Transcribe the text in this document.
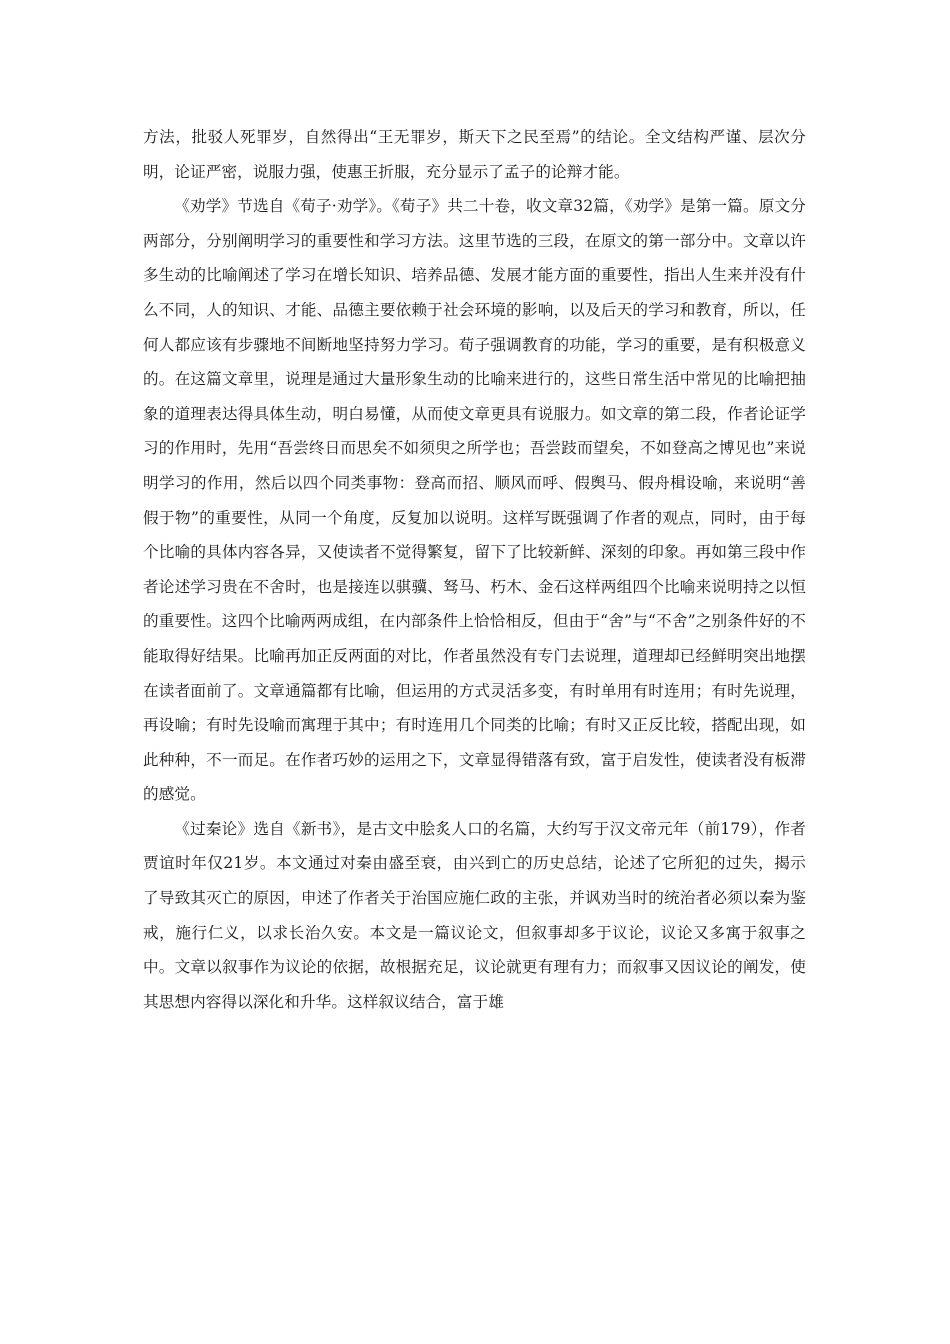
方法，批驳人死罪岁，自然得出“王无罪岁，斯天下之民至焉”的结论。全文结构严谨、层次分明，论证严密，说服力强，使惠王折服，充分显示了孟子的论辩才能。

《劝学》节选自《荀子·劝学》。《荀子》共二十卷，收文章32篇，《劝学》是第一篇。原文分两部分，分别阐明学习的重要性和学习方法。这里节选的三段，在原文的第一部分中。文章以许多生动的比喻阐述了学习在增长知识、培养品德、发展才能方面的重要性，指出人生来并没有什么不同，人的知识、才能、品德主要依赖于社会环境的影响，以及后天的学习和教育，所以，任何人都应该有步骤地不间断地坚持努力学习。荀子强调教育的功能，学习的重要，是有积极意义的。在这篇文章里，说理是通过大量形象生动的比喻来进行的，这些日常生活中常见的比喻把抽象的道理表达得具体生动，明白易懂，从而使文章更具有说服力。如文章的第二段，作者论证学习的作用时，先用“吾尝终日而思矣不如须臾之所学也；吾尝跂而望矣，不如登高之博见也”来说明学习的作用，然后以四个同类事物：登高而招、顺风而呼、假舆马、假舟楫设喻，来说明“善假于物”的重要性，从同一个角度，反复加以说明。这样写既强调了作者的观点，同时，由于每个比喻的具体内容各异，又使读者不觉得繁复，留下了比较新鲜、深刻的印象。再如第三段中作者论述学习贵在不舍时，也是接连以骐骥、驽马、朽木、金石这样两组四个比喻来说明持之以恒的重要性。这四个比喻两两成组，在内部条件上恰恰相反，但由于“舍”与“不舍”之别条件好的不能取得好结果。比喻再加正反两面的对比，作者虽然没有专门去说理，道理却已经鲜明突出地摆在读者面前了。文章通篇都有比喻，但运用的方式灵活多变，有时单用有时连用；有时先说理，再设喻；有时先设喻而寓理于其中；有时连用几个同类的比喻；有时又正反比较，搭配出现，如此种种，不一而足。在作者巧妙的运用之下，文章显得错落有致，富于启发性，使读者没有板滞的感觉。

《过秦论》选自《新书》，是古文中脍炙人口的名篇，大约写于汉文帝元年（前179），作者贾谊时年仅21岁。本文通过对秦由盛至衰，由兴到亡的历史总结，论述了它所犯的过失，揭示了导致其灭亡的原因，申述了作者关于治国应施仁政的主张，并讽劝当时的统治者必须以秦为鉴戒，施行仁义，以求长治久安。本文是一篇议论文，但叙事却多于议论，议论又多寓于叙事之中。文章以叙事作为议论的依据，故根据充足，议论就更有理有力；而叙事又因议论的阐发，使其思想内容得以深化和升华。这样叙议结合，富于雄
